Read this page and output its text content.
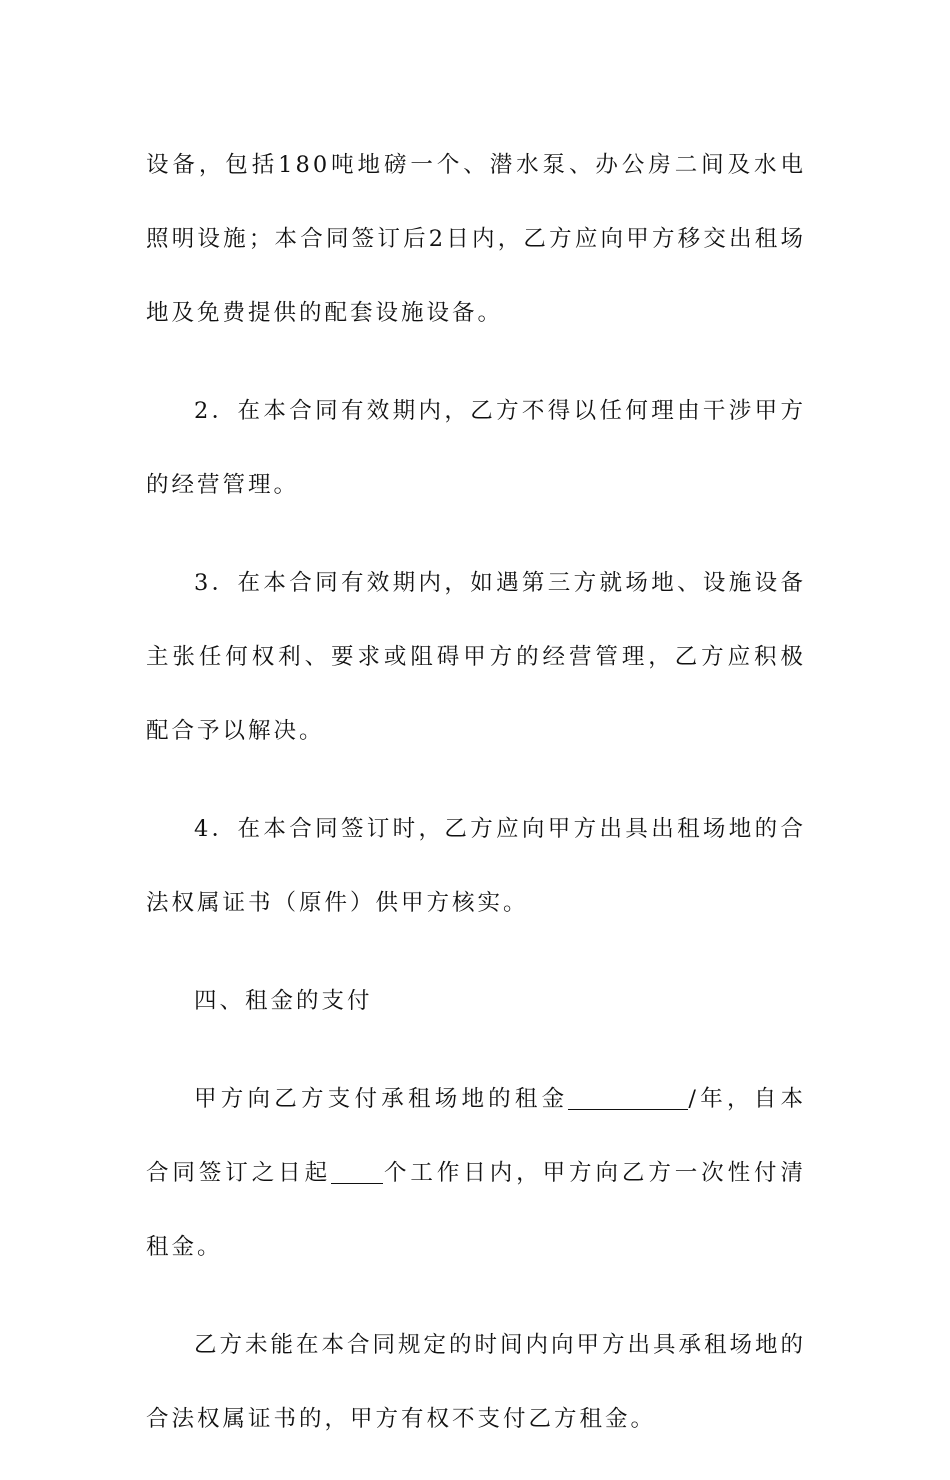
设备，包括180吨地磅一个、潜水泵、办公房二间及水电照明设施；本合同签订后2日内，乙方应向甲方移交出租场地及免费提供的配套设施设备。

2．在本合同有效期内，乙方不得以任何理由干涉甲方的经营管理。

3．在本合同有效期内，如遇第三方就场地、设施设备主张任何权利、要求或阻碍甲方的经营管理，乙方应积极配合予以解决。

4．在本合同签订时，乙方应向甲方出具出租场地的合法权属证书（原件）供甲方核实。

四、租金的支付

甲方向乙方支付承租场地的租金	/年，自本合同签订之日起 个工作日内，甲方向乙方一次性付清租金。

乙方未能在本合同规定的时间内向甲方出具承租场地的合法权属证书的，甲方有权不支付乙方租金。
